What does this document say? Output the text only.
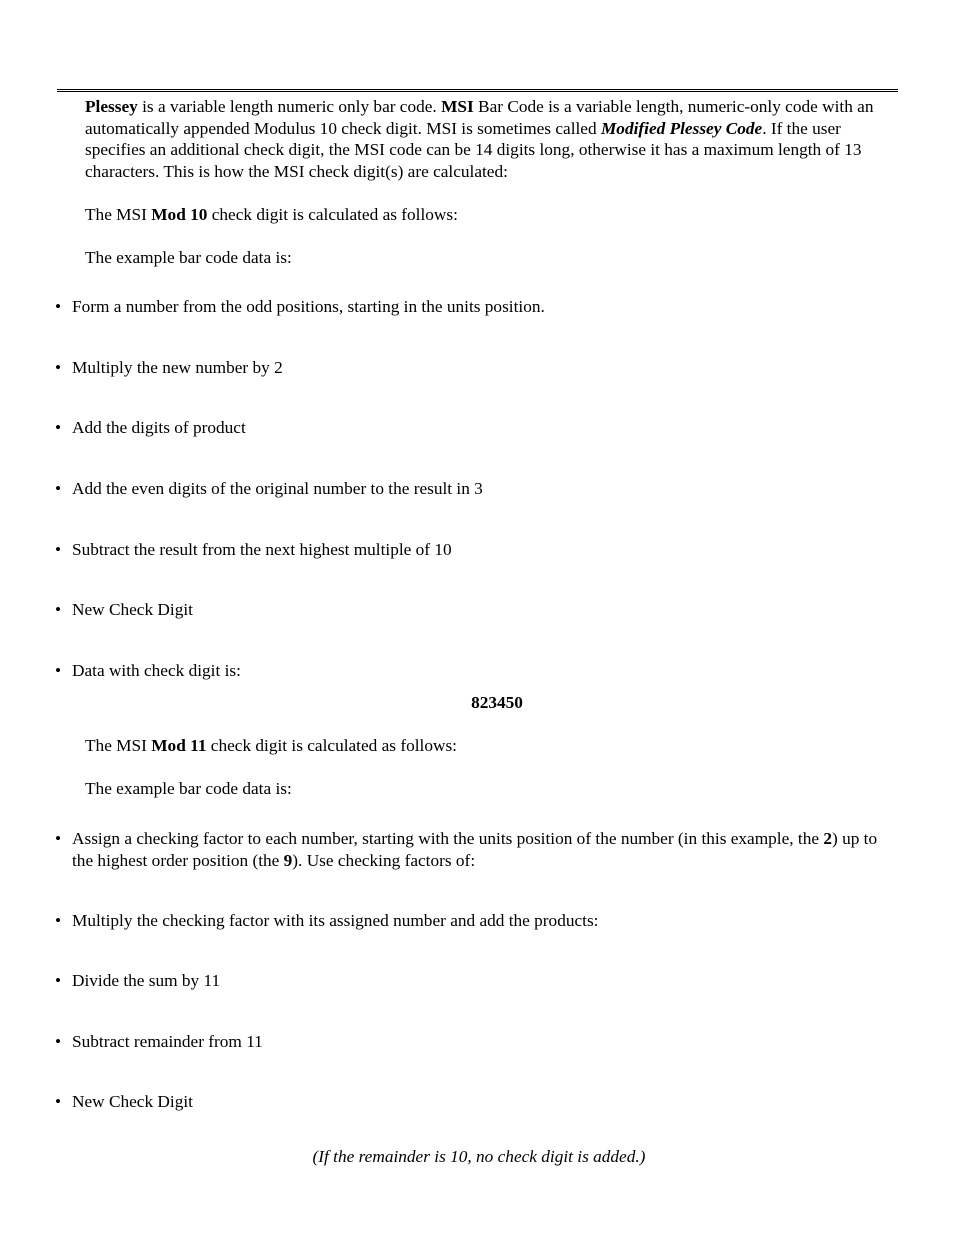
Plessey is a variable length numeric only bar code. MSI Bar Code is a variable length, numeric-only code with an automatically appended Modulus 10 check digit. MSI is sometimes called Modified Plessey Code. If the user specifies an additional check digit, the MSI code can be 14 digits long, otherwise it has a maximum length of 13 characters. This is how the MSI check digit(s) are calculated:

The MSI Mod 10 check digit is calculated as follows:

The example bar code data is:

• Form a number from the odd positions, starting in the units position.
• Multiply the new number by 2
• Add the digits of product
• Add the even digits of the original number to the result in 3
• Subtract the result from the next highest multiple of 10
• New Check Digit
• Data with check digit is:
823450

The MSI Mod 11 check digit is calculated as follows:

The example bar code data is:

• Assign a checking factor to each number, starting with the units position of the number (in this example, the 2) up to the highest order position (the 9). Use checking factors of:
• Multiply the checking factor with its assigned number and add the products:
• Divide the sum by 11
• Subtract remainder from 11
• New Check Digit
(If the remainder is 10, no check digit is added.)
